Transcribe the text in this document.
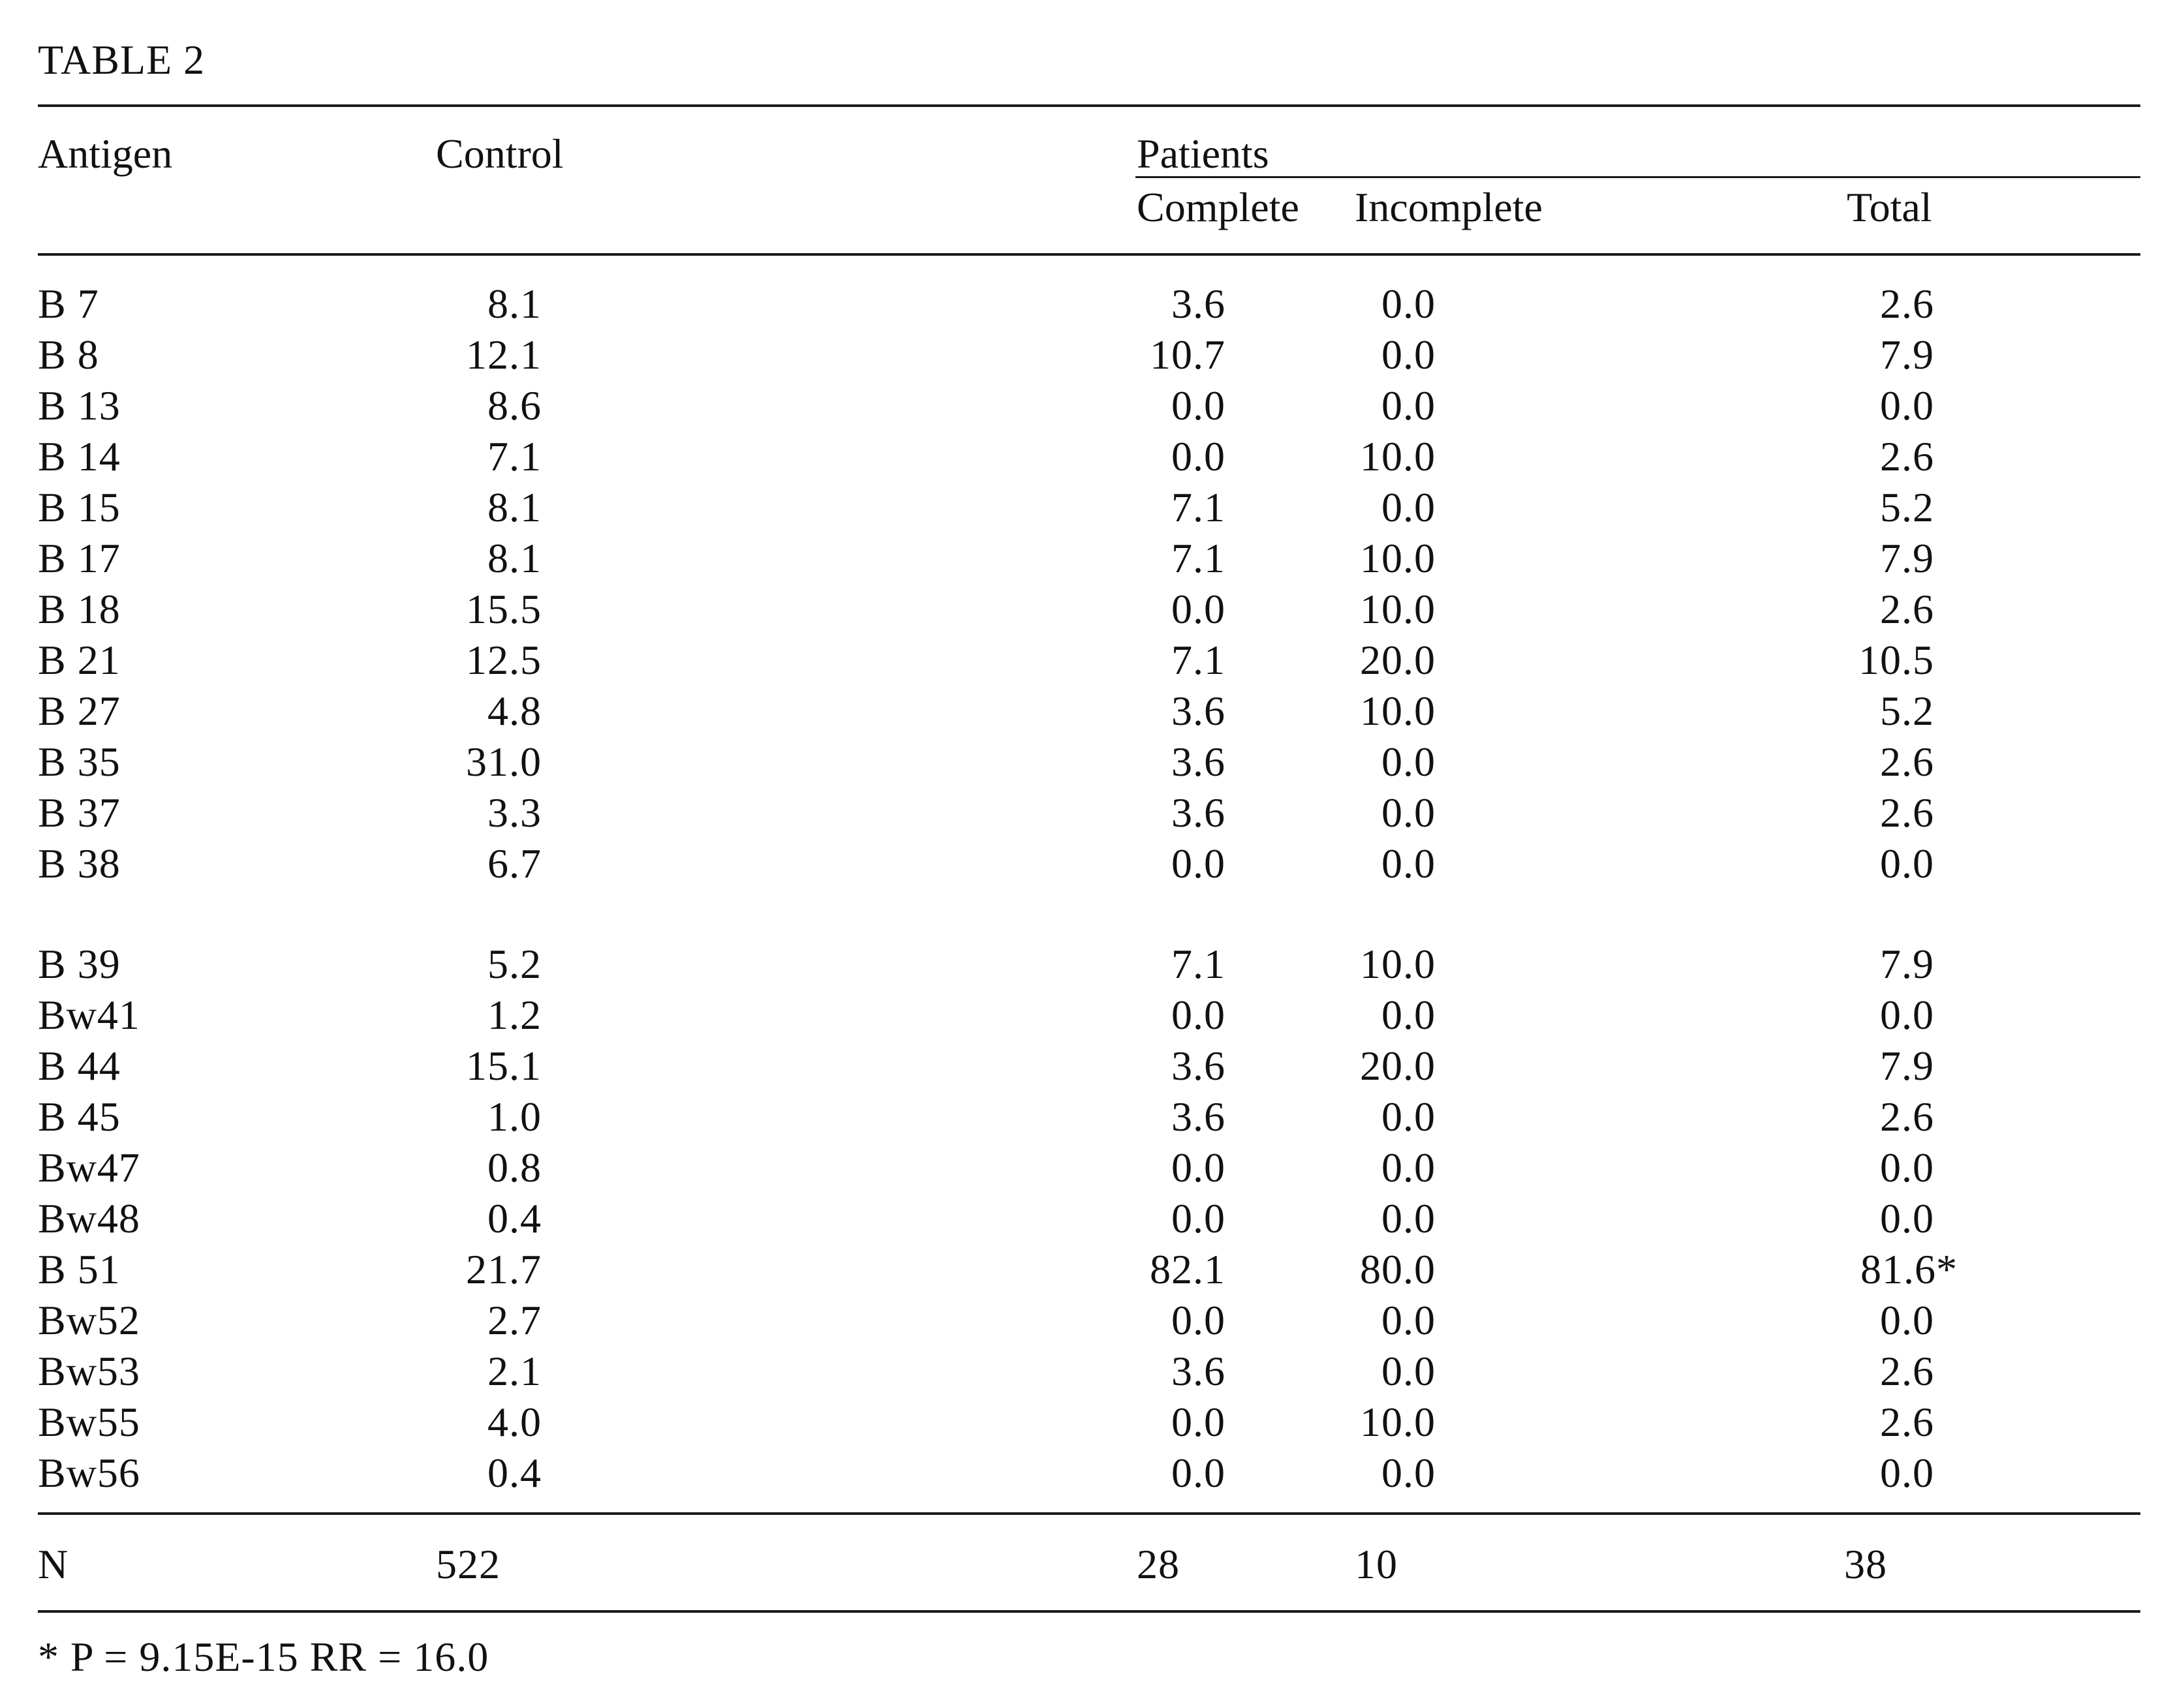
TABLE 2
Antigen	Control	Patients
Complete Incomplete	Total
B 7	8.1	3.6	0.0	2.6
B 8	12.1	10.7	0.0	7.9
B 13	8.6	0.0	0.0	0.0
B 14	7.1	0.0	10.0	2.6
B 15	8.1	7.1	0.0	5.2
B 17	8.1	7.1	10.0	7.9
B 18	15.5	0.0	10.0	2.6
B 21	12.5	7.1	20.0	10.5
B 27	4.8	3.6	10.0	5.2
B 35	31.0	3.6	0.0	2.6
B 37	3.3	3.6	0.0	2.6
B 38	6.7	0.0	0.0	0.0
B 39	5.2	7.1	10.0	7.9
Bw41	1.2	0.0	0.0	0.0
B 44	15.1	3.6	20.0	7.9
B 45	1.0	3.6	0.0	2.6
Bw47	0.8	0.0	0.0	0.0
Bw48	0.4	0.0	0.0	0.0
B 51	21.7	82.1	80.0	81.6*
Bw52	2.7	0.0	0.0	0.0
Bw53	2.1	3.6	0.0	2.6
Bw55	4.0	0.0	10.0	2.6
Bw56	0.4	0.0	0.0	0.0
N	522	28	10	38
* P = 9.15E-15 RR = 16.0
